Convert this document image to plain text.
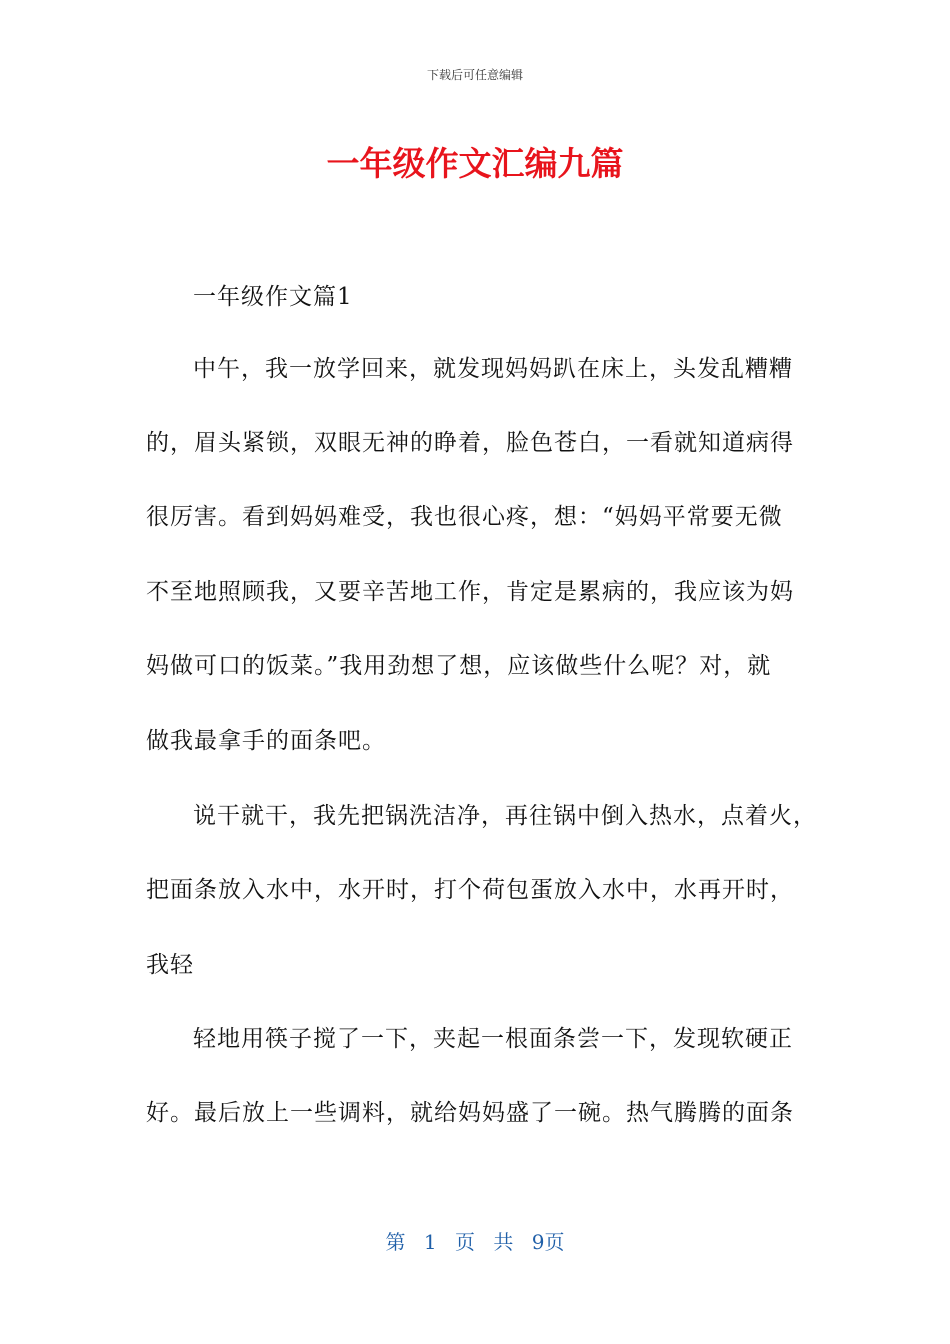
下载后可任意编辑
一年级作文汇编九篇
一年级作文篇1
中午，我一放学回来，就发现妈妈趴在床上，头发乱糟糟
的，眉头紧锁，双眼无神的睁着，脸色苍白，一看就知道病得
很厉害。看到妈妈难受，我也很心疼，想：“妈妈平常要无微
不至地照顾我，又要辛苦地工作，肯定是累病的，我应该为妈
妈做可口的饭菜。”我用劲想了想，应该做些什么呢？对，就
做我最拿手的面条吧。
说干就干，我先把锅洗洁净，再往锅中倒入热水，点着火，
把面条放入水中，水开时，打个荷包蛋放入水中，水再开时，
我轻
轻地用筷子搅了一下，夹起一根面条尝一下，发现软硬正
好。最后放上一些调料，就给妈妈盛了一碗。热气腾腾的面条
第 1 页 共 9页
